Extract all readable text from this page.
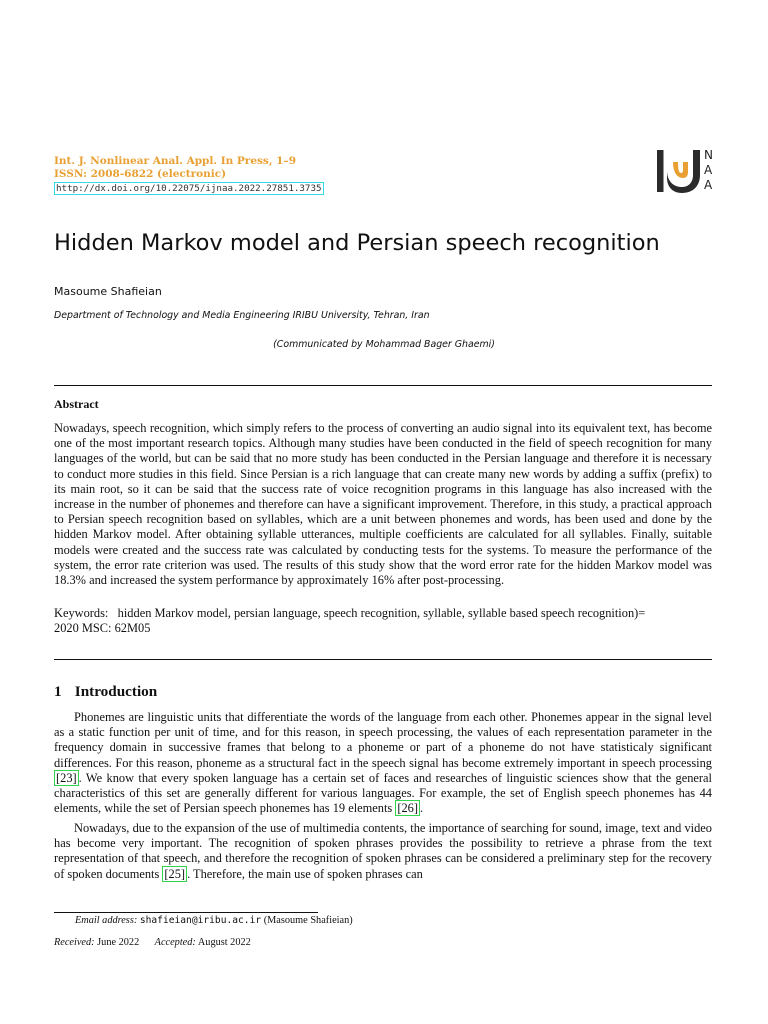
Int. J. Nonlinear Anal. Appl. In Press, 1–9
ISSN: 2008-6822 (electronic)
http://dx.doi.org/10.22075/ijnaa.2022.27851.3735
N
A
A
Hidden Markov model and Persian speech recognition
Masoume Shafieian
Department of Technology and Media Engineering IRIBU University, Tehran, Iran
(Communicated by Mohammad Bager Ghaemi)
Abstract
Nowadays, speech recognition, which simply refers to the process of converting an audio signal into its equivalent text, has become one of the most important research topics. Although many studies have been conducted in the field of speech recognition for many languages of the world, but can be said that no more study has been conducted in the Persian language and therefore it is necessary to conduct more studies in this field. Since Persian is a rich language that can create many new words by adding a suffix (prefix) to its main root, so it can be said that the success rate of voice recognition programs in this language has also increased with the increase in the number of phonemes and therefore can have a significant improvement. Therefore, in this study, a practical approach to Persian speech recognition based on syllables, which are a unit between phonemes and words, has been used and done by the hidden Markov model. After obtaining syllable utterances, multiple coefficients are calculated for all syllables. Finally, suitable models were created and the success rate was calculated by conducting tests for the systems. To measure the performance of the system, the error rate criterion was used. The results of this study show that the word error rate for the hidden Markov model was 18.3% and increased the system performance by approximately 16% after post-processing.
Keywords: hidden Markov model, persian language, speech recognition, syllable, syllable based speech recognition)=
2020 MSC: 62M05
1 Introduction

Phonemes are linguistic units that differentiate the words of the language from each other. Phonemes appear in the signal level as a static function per unit of time, and for this reason, in speech processing, the values of each representation parameter in the frequency domain in successive frames that belong to a phoneme or part of a phoneme do not have statisticaly significant differences. For this reason, phoneme as a structural fact in the speech signal has become extremely important in speech processing [23] . We know that every spoken language has a certain set of faces and researches of linguistic sciences show that the general characteristics of this set are generally different for various languages. For example, the set of English speech phonemes has 44 elements, while the set of Persian speech phonemes has 19 elements [26] .

Nowadays, due to the expansion of the use of multimedia contents, the importance of searching for sound, image, text and video has become very important. The recognition of spoken phrases provides the possibility to retrieve a phrase from the text representation of that speech, and therefore the recognition of spoken phrases can be considered a preliminary step for the recovery of spoken documents [25] . Therefore, the main use of spoken phrases can

Email address: shafieian@iribu.ac.ir (Masoume Shafieian)
Received: June 2022 Accepted: August 2022
